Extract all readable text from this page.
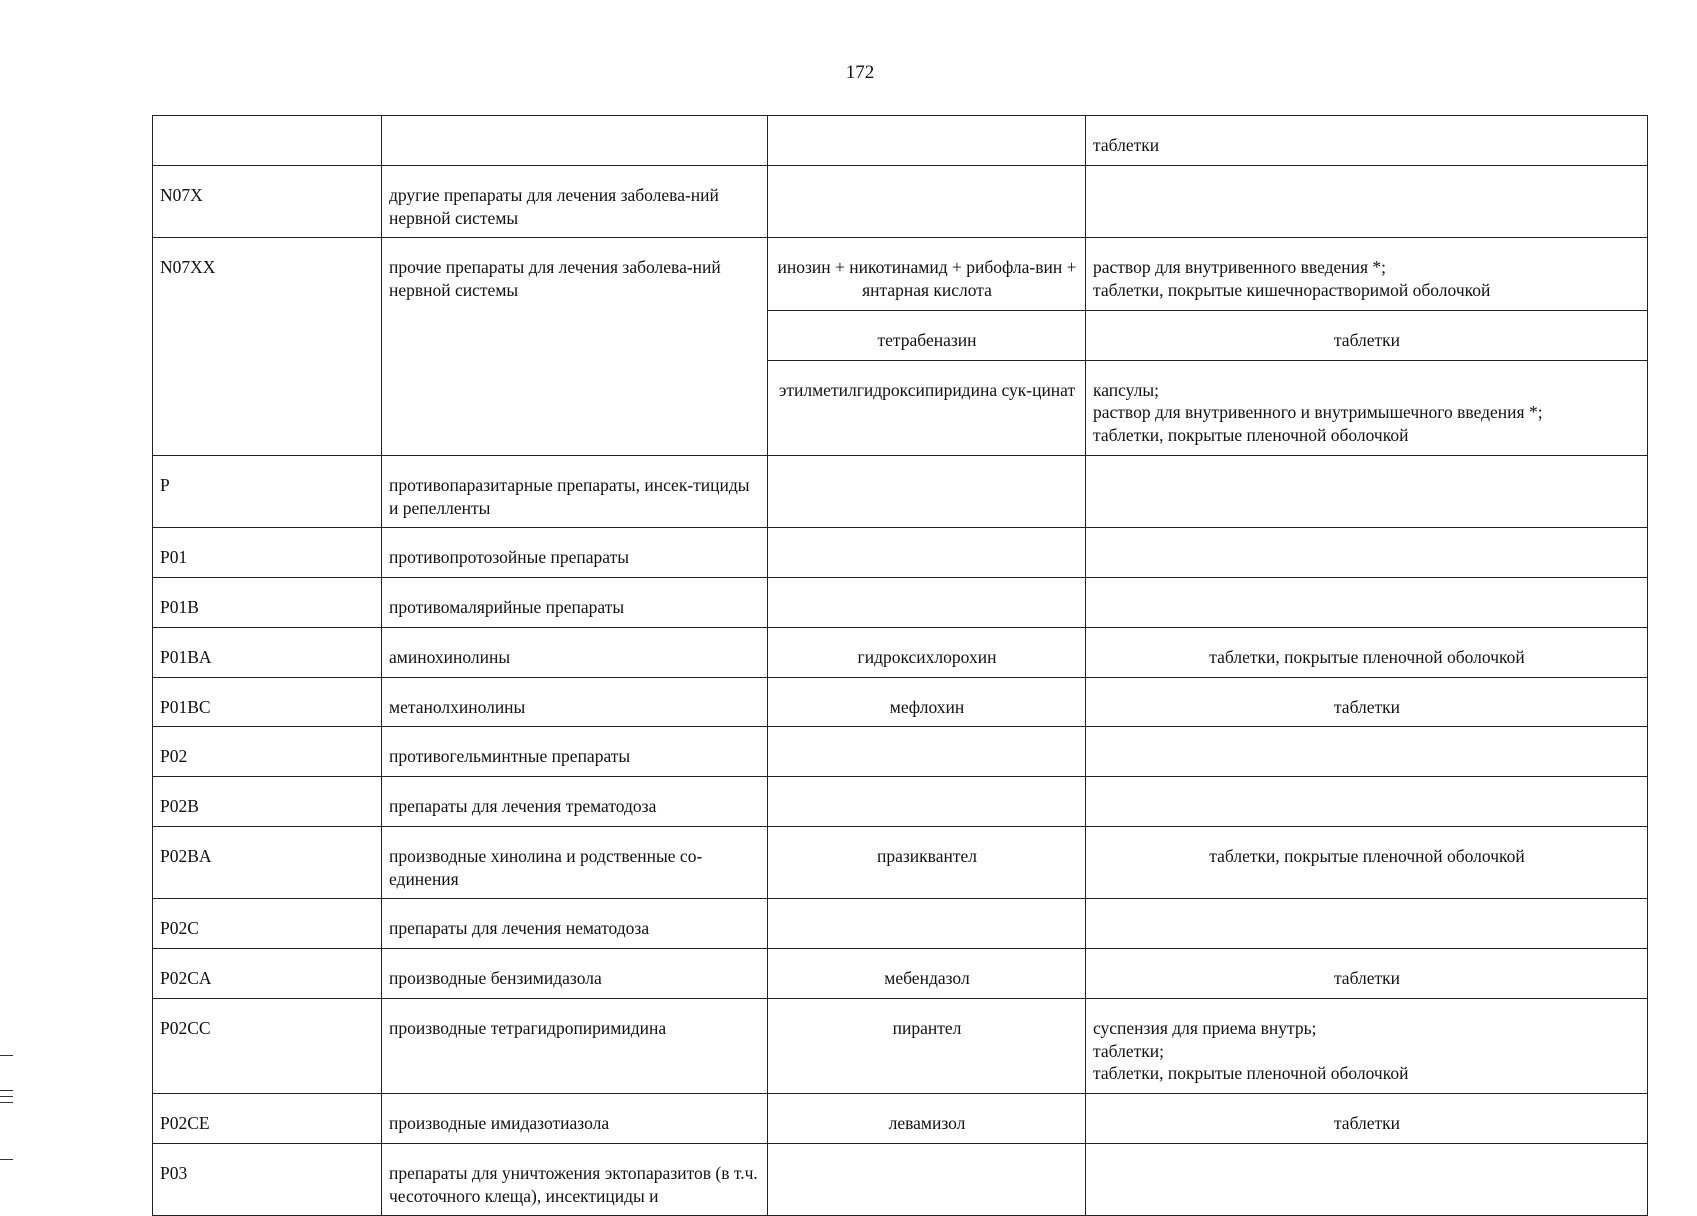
172

			таблетки

N07X	другие препараты для лечения заболева-ний нервной системы		
N07XX	прочие препараты для лечения заболева-ний нервной системы	инозин + никотинамид + рибофла-вин + янтарная кислота	раствор для внутривенного введения *;
таблетки, покрытые кишечнорастворимой оболочкой

		тетрабеназин	таблетки

		этилметилгидроксипиридина сук-цинат	капсулы;
раствор для внутривенного и внутримышечного введения *;
таблетки, покрытые пленочной оболочкой

P	противопаразитарные препараты, инсек-тициды и репелленты		
P01	противопротозойные препараты		
P01B	противомалярийные препараты		
P01BA	аминохинолины	гидроксихлорохин	таблетки, покрытые пленочной оболочкой

P01BC	метанолхинолины	мефлохин	таблетки

P02	противогельминтные препараты		
P02B	препараты для лечения трематодоза		
P02BA	производные хинолина и родственные со-единения	празиквантел	таблетки, покрытые пленочной оболочкой

P02C	препараты для лечения нематодоза		
P02CA	производные бензимидазола	мебендазол	таблетки

P02CC	производные тетрагидропиримидина	пирантел	суспензия для приема внутрь;
таблетки;
таблетки, покрытые пленочной оболочкой

P02CE	производные имидазотиазола	левамизол	таблетки

P03	препараты для уничтожения эктопаразитов (в т.ч. чесоточного клеща), инсектициды и		
